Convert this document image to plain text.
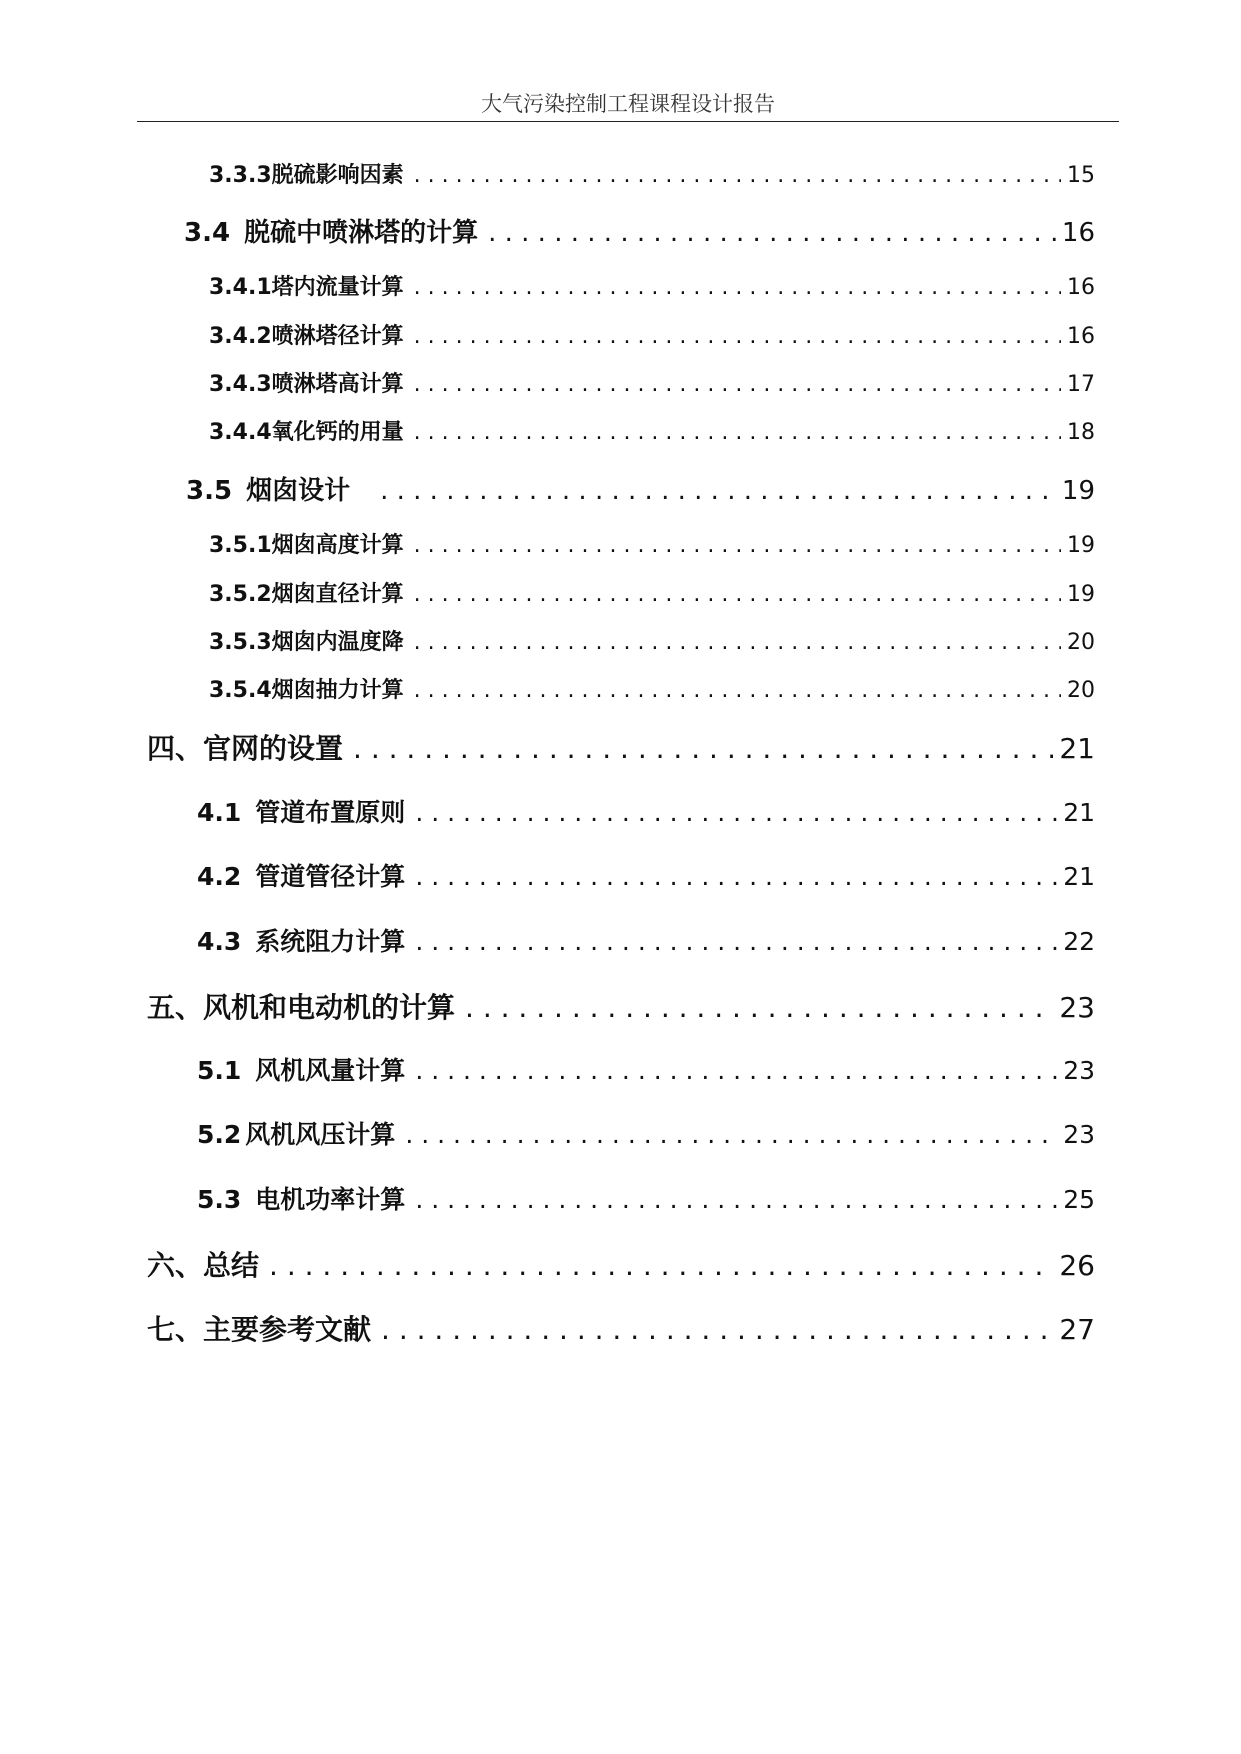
大气污染控制工程课程设计报告
3.3.3 脱硫影响因素 . . .	15
3.4 脱硫中喷淋塔的计算 . . .	16
3.4.1 塔内流量计算 . . .	16
3.4.2 喷淋塔径计算 . . .	16
3.4.3 喷淋塔高计算 . . .	17
3.4.4 氧化钙的用量 . . .	18
3.5 烟囱设计 . . .	19
3.5.1 烟囱高度计算 . . .	19
3.5.2 烟囱直径计算 . . .	19
3.5.3 烟囱内温度降 . . .	20
3.5.4 烟囱抽力计算 . . .	20
四、官网的设置 . . .	21
4.1 管道布置原则 . . .	21
4.2 管道管径计算 . . .	21
4.3 系统阻力计算 . . .	22
五、风机和电动机的计算 . . .	23
5.1 风机风量计算 . . .	23
5.2 风机风压计算 . . .	23
5.3 电机功率计算 . . .	25
六、总结 . . .	26
七、主要参考文献 . . .	27
